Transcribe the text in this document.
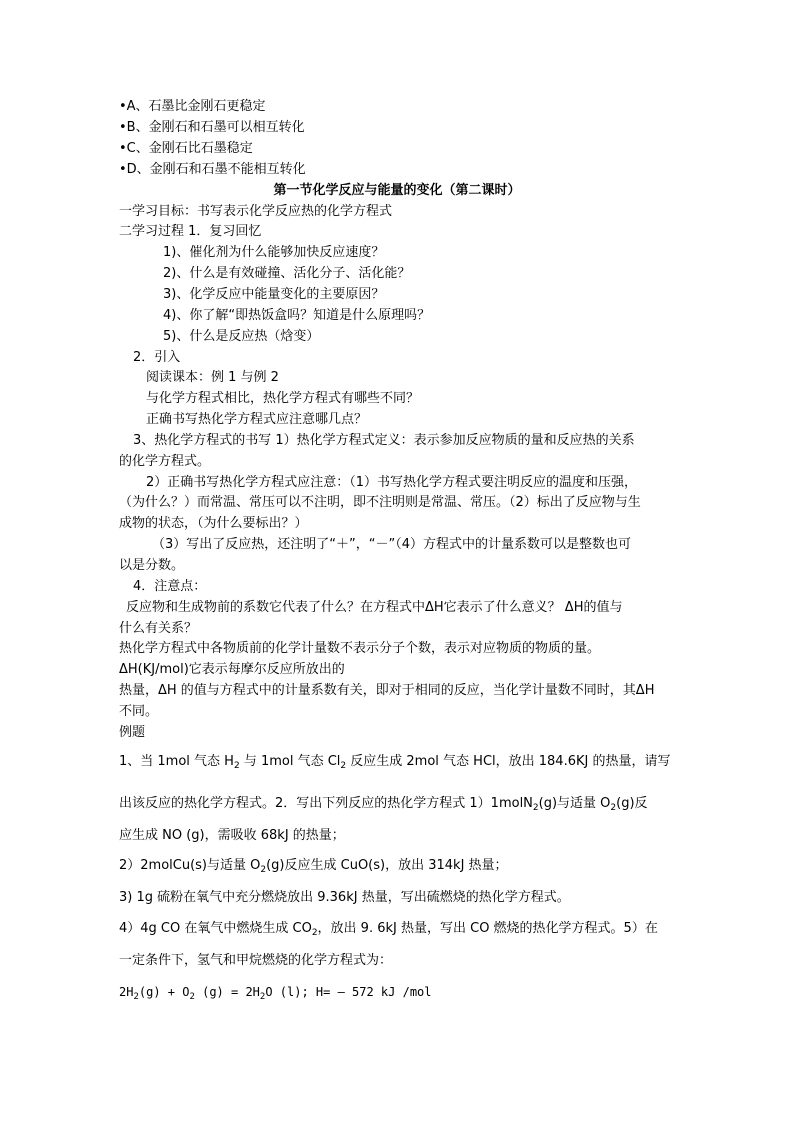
•A、石墨比金刚石更稳定
•B、金刚石和石墨可以相互转化
•C、金刚石比石墨稳定
•D、金刚石和石墨不能相互转化
第一节化学反应与能量的变化（第二课时）
一学习目标：书写表示化学反应热的化学方程式
二学习过程 1．复习回忆
1)、催化剂为什么能够加快反应速度？
2)、什么是有效碰撞、活化分子、活化能？
3)、化学反应中能量变化的主要原因？
4)、你了解“即热饭盒吗？知道是什么原理吗？
5)、什么是反应热（焓变）
2．引入
阅读课本：例 1 与例 2
与化学方程式相比，热化学方程式有哪些不同？
正确书写热化学方程式应注意哪几点？
3、热化学方程式的书写 1）热化学方程式定义：表示参加反应物质的量和反应热的关系
的化学方程式。
2）正确书写热化学方程式应注意：（1）书写热化学方程式要注明反应的温度和压强，
（为什么？）而常温、常压可以不注明，即不注明则是常温、常压。（2）标出了反应物与生
成物的状态，（为什么要标出？）
（3）写出了反应热，还注明了“＋”，“－”（4）方程式中的计量系数可以是整数也可
以是分数。
4．注意点：
反应物和生成物前的系数它代表了什么？在方程式中ΔH它表示了什么意义？ ΔH的值与
什么有关系？
热化学方程式中各物质前的化学计量数不表示分子个数，表示对应物质的物质的量。
ΔH(KJ/mol)它表示每摩尔反应所放出的
热量，ΔH 的值与方程式中的计量系数有关，即对于相同的反应，当化学计量数不同时，其ΔH
不同。
例题
1、当 1mol 气态 $H_2$ 与 1mol 气态 $Cl_2$ 反应生成 2mol 气态 HCl，放出 184.6KJ 的热量，请写
出该反应的热化学方程式。2．写出下列反应的热化学方程式 1）1molN$_2$(g)与适量 $O_2(g)$反
应生成 NO (g)，需吸收 68kJ 的热量；
2）2molCu(s)与适量 $O_2(g)$反应生成 CuO(s)，放出 314kJ 热量；
3) 1g 硫粉在氧气中充分燃烧放出 9.36kJ 热量，写出硫燃烧的热化学方程式。
4）4g CO 在氧气中燃烧生成 $CO_2$，放出 9. 6kJ 热量，写出 CO 燃烧的热化学方程式。5）在
一定条件下，氢气和甲烷燃烧的化学方程式为：
$2H_2(g) + O_2$ $(g) = 2H_2O$ (l); H= – 572 kJ /mol
